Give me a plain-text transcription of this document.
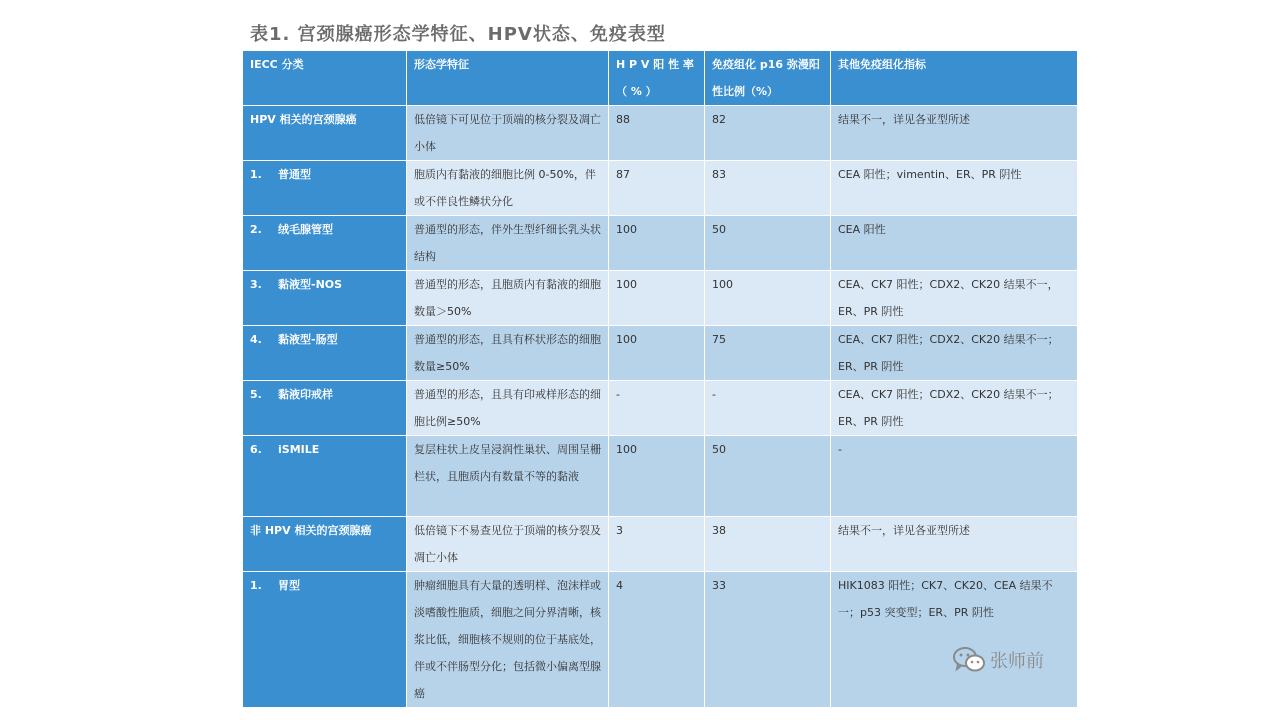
表1. 宫颈腺癌形态学特征、HPV状态、免疫表型
IECC 分类	形态学特征	H P V 阳 性 率 （ % ）	免疫组化 p16 弥漫阳性比例（%）	其他免疫组化指标
HPV 相关的宫颈腺癌	低倍镜下可见位于顶端的核分裂及凋亡小体	88	82	结果不一，详见各亚型所述
1. 普通型	胞质内有黏液的细胞比例 0-50%，伴或不伴良性鳞状分化	87	83	CEA 阳性；vimentin、ER、PR 阴性
2. 绒毛腺管型	普通型的形态，伴外生型纤细长乳头状结构	100	50	CEA 阳性
3. 黏液型-NOS	普通型的形态，且胞质内有黏液的细胞数量＞50%	100	100	CEA、CK7 阳性；CDX2、CK20 结果不一，ER、PR 阴性
4. 黏液型-肠型	普通型的形态，且具有杯状形态的细胞数量≥50%	100	75	CEA、CK7 阳性；CDX2、CK20 结果不一；ER、PR 阴性
5. 黏液印戒样	普通型的形态，且具有印戒样形态的细胞比例≥50%	-	-	CEA、CK7 阳性；CDX2、CK20 结果不一；ER、PR 阴性
6. iSMILE	复层柱状上皮呈浸润性巢状、周围呈栅栏状，且胞质内有数量不等的黏液	100	50	-
非 HPV 相关的宫颈腺癌	低倍镜下不易查见位于顶端的核分裂及凋亡小体	3	38	结果不一，详见各亚型所述
1. 胃型	肿瘤细胞具有大量的透明样、泡沫样或淡嗜酸性胞质，细胞之间分界清晰，核浆比低，细胞核不规则的位于基底处，伴或不伴肠型分化；包括微小偏离型腺癌	4	33	HIK1083 阳性；CK7、CK20、CEA 结果不一；p53 突变型；ER、PR 阴性
张师前
